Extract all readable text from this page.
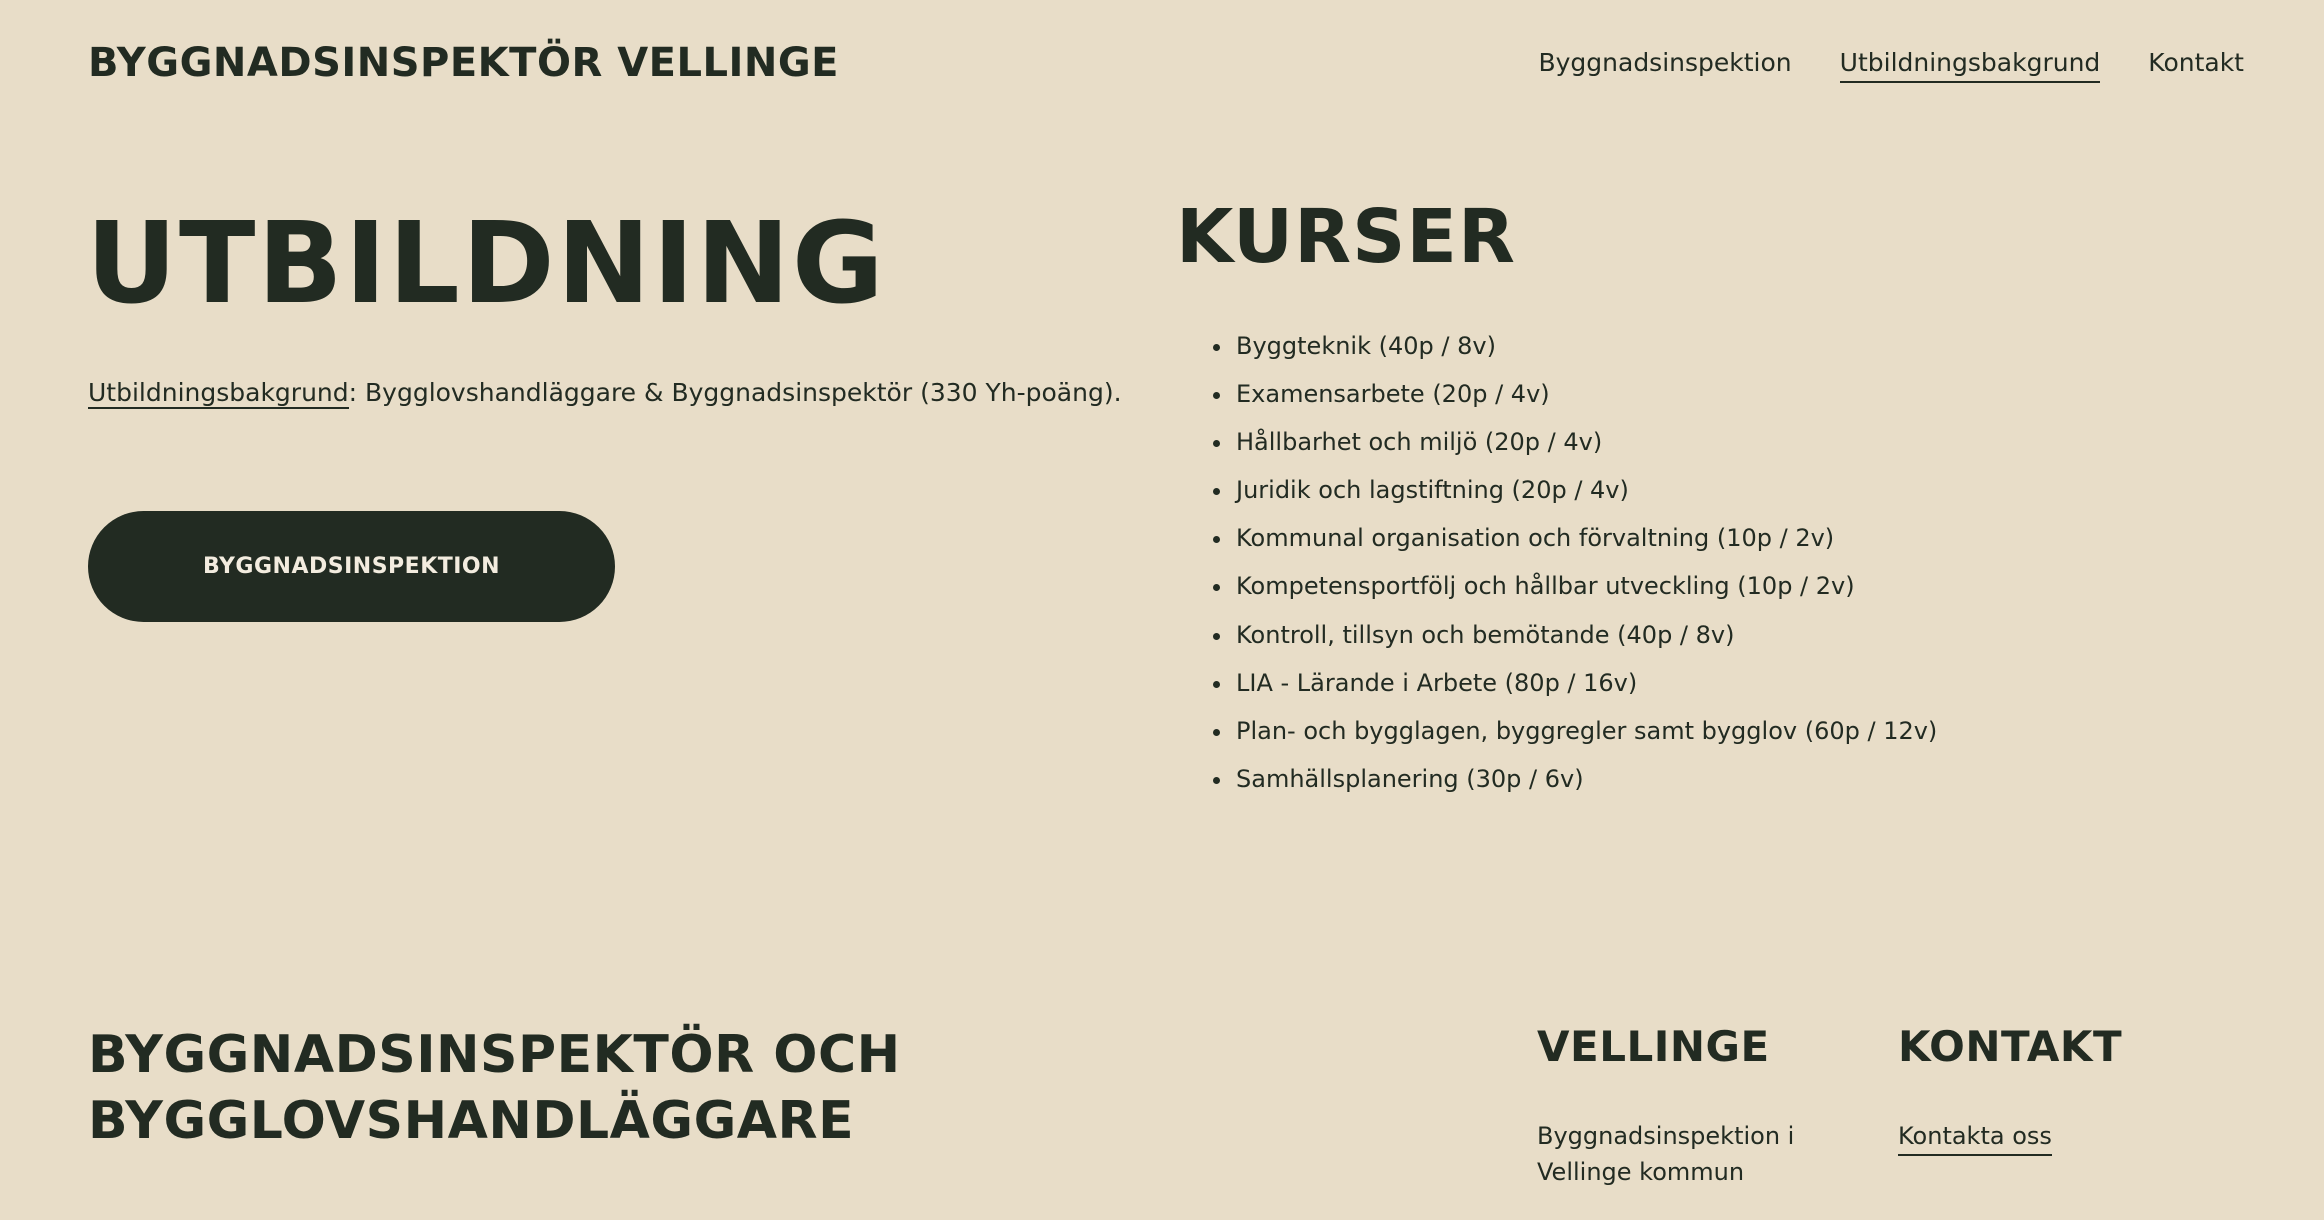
BYGGNADSINSPEKTÖR VELLINGE	Byggnadsinspektion Utbildningsbakgrund Kontakt
UTBILDNING

Utbildningsbakgrund: Bygglovshandläggare & Byggnadsinspektör (330 Yh-poäng).

BYGGNADSINSPEKTION
KURSER
• Byggteknik (40p / 8v)
• Examensarbete (20p / 4v)
• Hållbarhet och miljö (20p / 4v)
• Juridik och lagstiftning (20p / 4v)
• Kommunal organisation och förvaltning (10p / 2v)
• Kompetensportfölj och hållbar utveckling (10p / 2v)
• Kontroll, tillsyn och bemötande (40p / 8v)
• LIA - Lärande i Arbete (80p / 16v)
• Plan- och bygglagen, byggregler samt bygglov (60p / 12v)
• Samhällsplanering (30p / 6v)
BYGGNADSINSPEKTÖR OCH
BYGGLOVSHANDLÄGGARE
VELLINGE
Byggnadsinspektion i Vellinge kommun
KONTAKT
Kontakta oss
